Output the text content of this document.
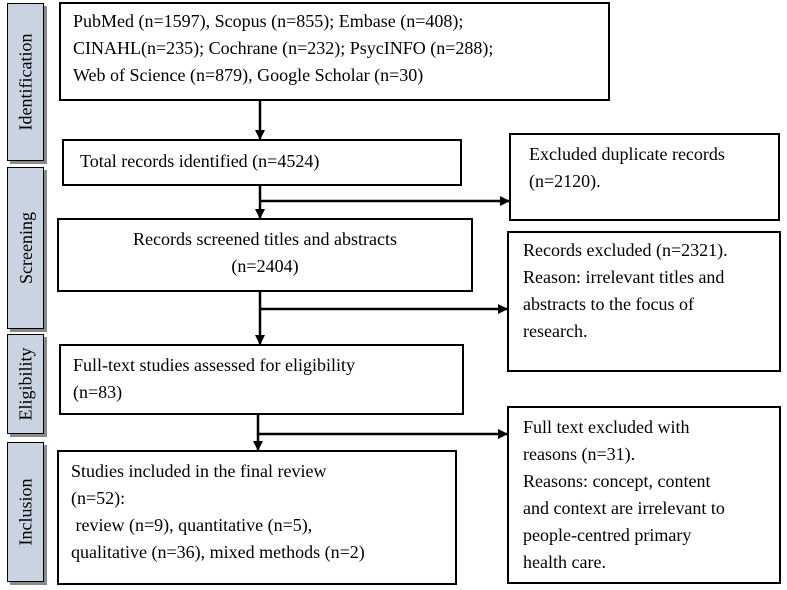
Identification
Screening
Eligibility
Inclusion
PubMed (n=1597), Scopus (n=855); Embase (n=408);
CINAHL(n=235); Cochrane (n=232); PsycINFO (n=288);
Web of Science (n=879), Google Scholar (n=30)
Total records identified (n=4524)	Excluded duplicate records
(n=2120).
Records screened titles and abstracts
(n=2404)
Records excluded (n=2321).
Reason: irrelevant titles and
abstracts to the focus of
research.
Full-text studies assessed for eligibility
(n=83)
Full text excluded with
reasons (n=31).
Reasons: concept, content
and context are irrelevant to
people-centred primary
health care.
Studies included in the final review
(n=52):
review (n=9), quantitative (n=5),
qualitative (n=36), mixed methods (n=2)
